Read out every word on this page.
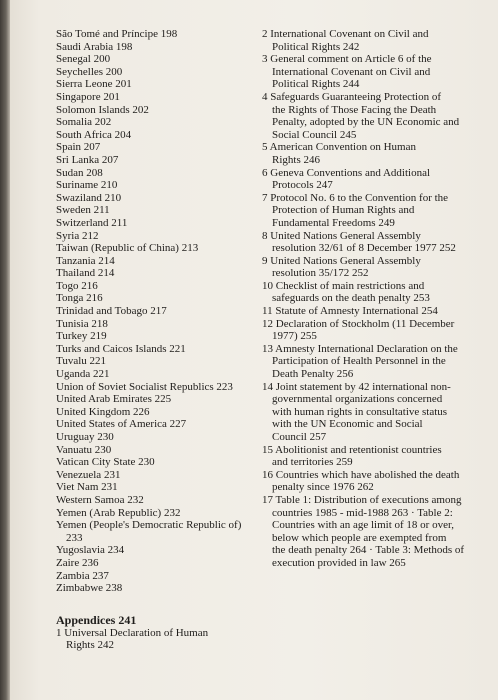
São Tomé and Príncipe 198
Saudi Arabia 198
Senegal 200
Seychelles 200
Sierra Leone 201
Singapore 201
Solomon Islands 202
Somalia 202
South Africa 204
Spain 207
Sri Lanka 207
Sudan 208
Suriname 210
Swaziland 210
Sweden 211
Switzerland 211
Syria 212
Taiwan (Republic of China) 213
Tanzania 214
Thailand 214
Togo 216
Tonga 216
Trinidad and Tobago 217
Tunisia 218
Turkey 219
Turks and Caicos Islands 221
Tuvalu 221
Uganda 221
Union of Soviet Socialist Republics 223
United Arab Emirates 225
United Kingdom 226
United States of America 227
Uruguay 230
Vanuatu 230
Vatican City State 230
Venezuela 231
Viet Nam 231
Western Samoa 232
Yemen (Arab Republic) 232
Yemen (People's Democratic Republic of)
233
Yugoslavia 234
Zaire 236
Zambia 237
Zimbabwe 238
Appendices 241
1 Universal Declaration of Human
Rights 242
2 International Covenant on Civil and
Political Rights 242
3 General comment on Article 6 of the
International Covenant on Civil and
Political Rights 244
4 Safeguards Guaranteeing Protection of
the Rights of Those Facing the Death
Penalty, adopted by the UN Economic and
Social Council 245
5 American Convention on Human
Rights 246
6 Geneva Conventions and Additional
Protocols 247
7 Protocol No. 6 to the Convention for the
Protection of Human Rights and
Fundamental Freedoms 249
8 United Nations General Assembly
resolution 32/61 of 8 December 1977 252
9 United Nations General Assembly
resolution 35/172 252
10 Checklist of main restrictions and
safeguards on the death penalty 253
11 Statute of Amnesty International 254
12 Declaration of Stockholm (11 December
1977) 255
13 Amnesty International Declaration on the
Participation of Health Personnel in the
Death Penalty 256
14 Joint statement by 42 international non-
governmental organizations concerned
with human rights in consultative status
with the UN Economic and Social
Council 257
15 Abolitionist and retentionist countries
and territories 259
16 Countries which have abolished the death
penalty since 1976 262
17 Table 1: Distribution of executions among
countries 1985 - mid-1988 263 · Table 2:
Countries with an age limit of 18 or over,
below which people are exempted from
the death penalty 264 · Table 3: Methods of
execution provided in law 265
